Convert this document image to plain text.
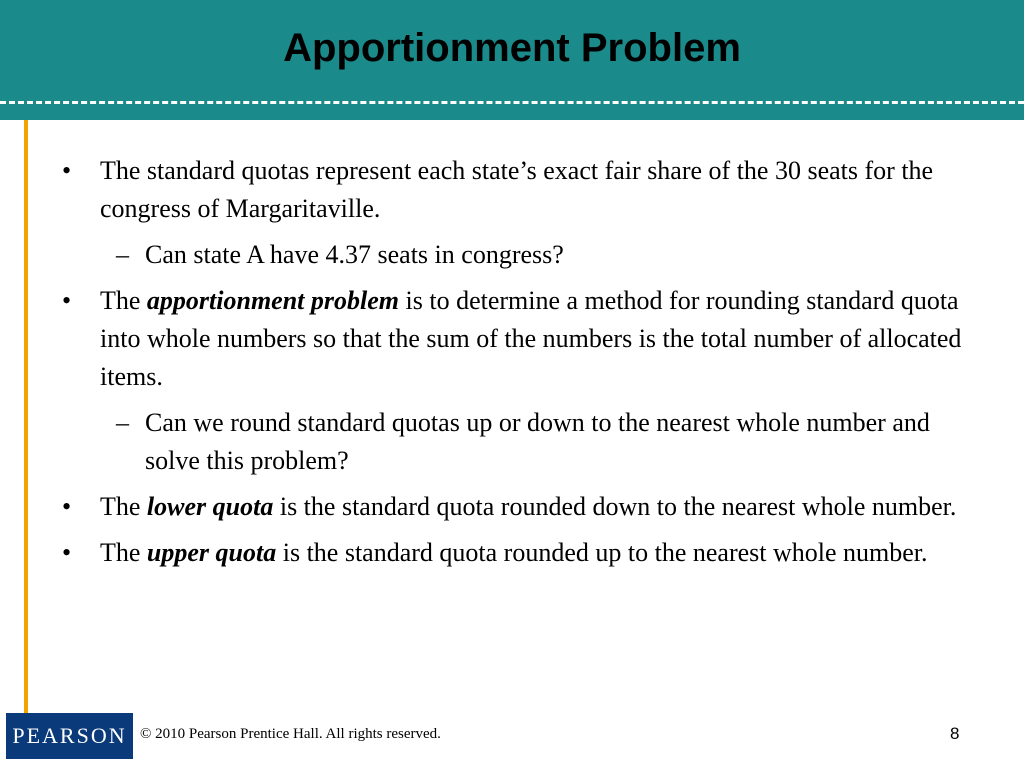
Apportionment Problem
• The standard quotas represent each state’s exact fair share of the 30 seats for the congress of Margaritaville.
– Can state A have 4.37 seats in congress?
• The apportionment problem is to determine a method for rounding standard quota into whole numbers so that the sum of the numbers is the total number of allocated items.
– Can we round standard quotas up or down to the nearest whole number and solve this problem?
• The lower quota is the standard quota rounded down to the nearest whole number.
• The upper quota is the standard quota rounded up to the nearest whole number.
PEARSON © 2010 Pearson Prentice Hall. All rights reserved.	8
